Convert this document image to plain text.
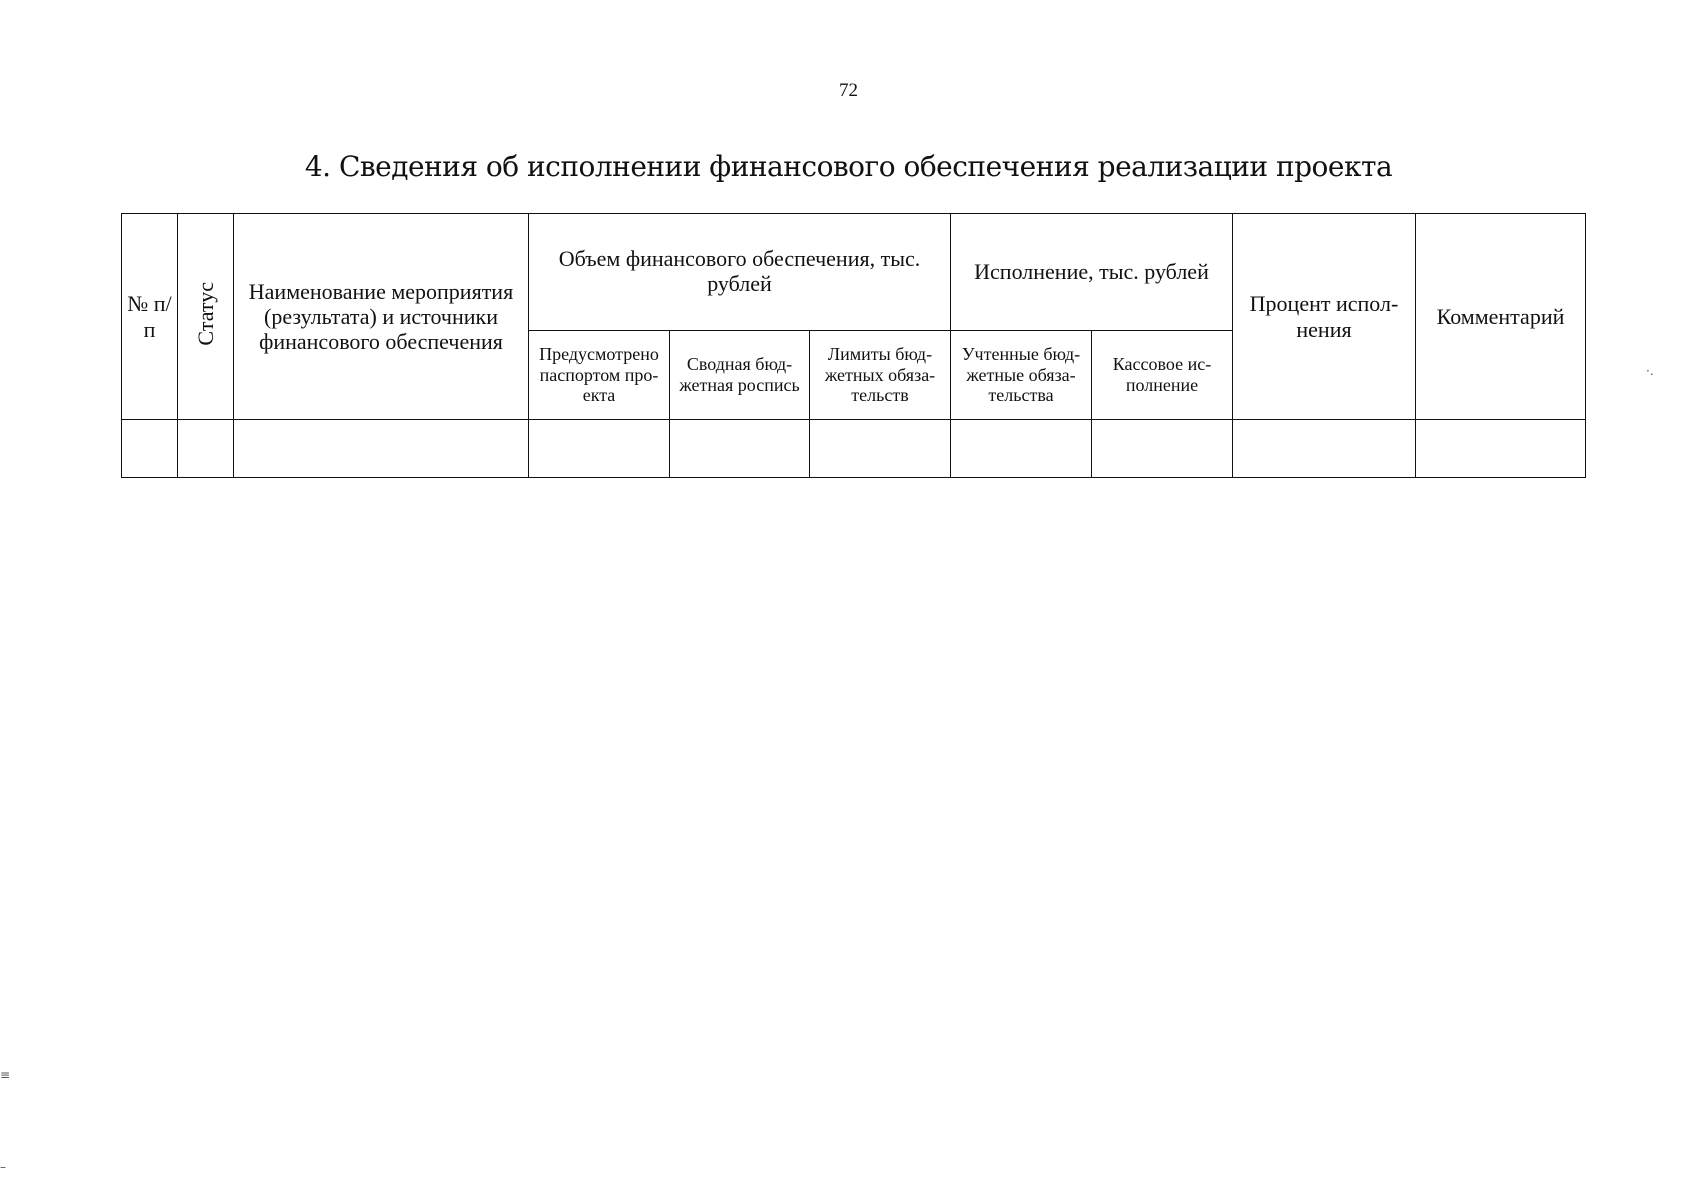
72
4. Сведения об исполнении финансового обеспечения реализации проекта
№ п/п	Статус	Наименование мероприятия (результата) и источники финансового обеспечения	Объем финансового обеспечения, тыс. рублей			Исполнение, тыс. рублей		Процент испол- нения	Комментарий
			Предусмотрено паспортом про- екта	Сводная бюд- жетная роспись	Лимиты бюд- жетных обяза- тельств	Учтенные бюд- жетные обяза- тельства	Кассовое ис- полнение		

·.
≡
–
